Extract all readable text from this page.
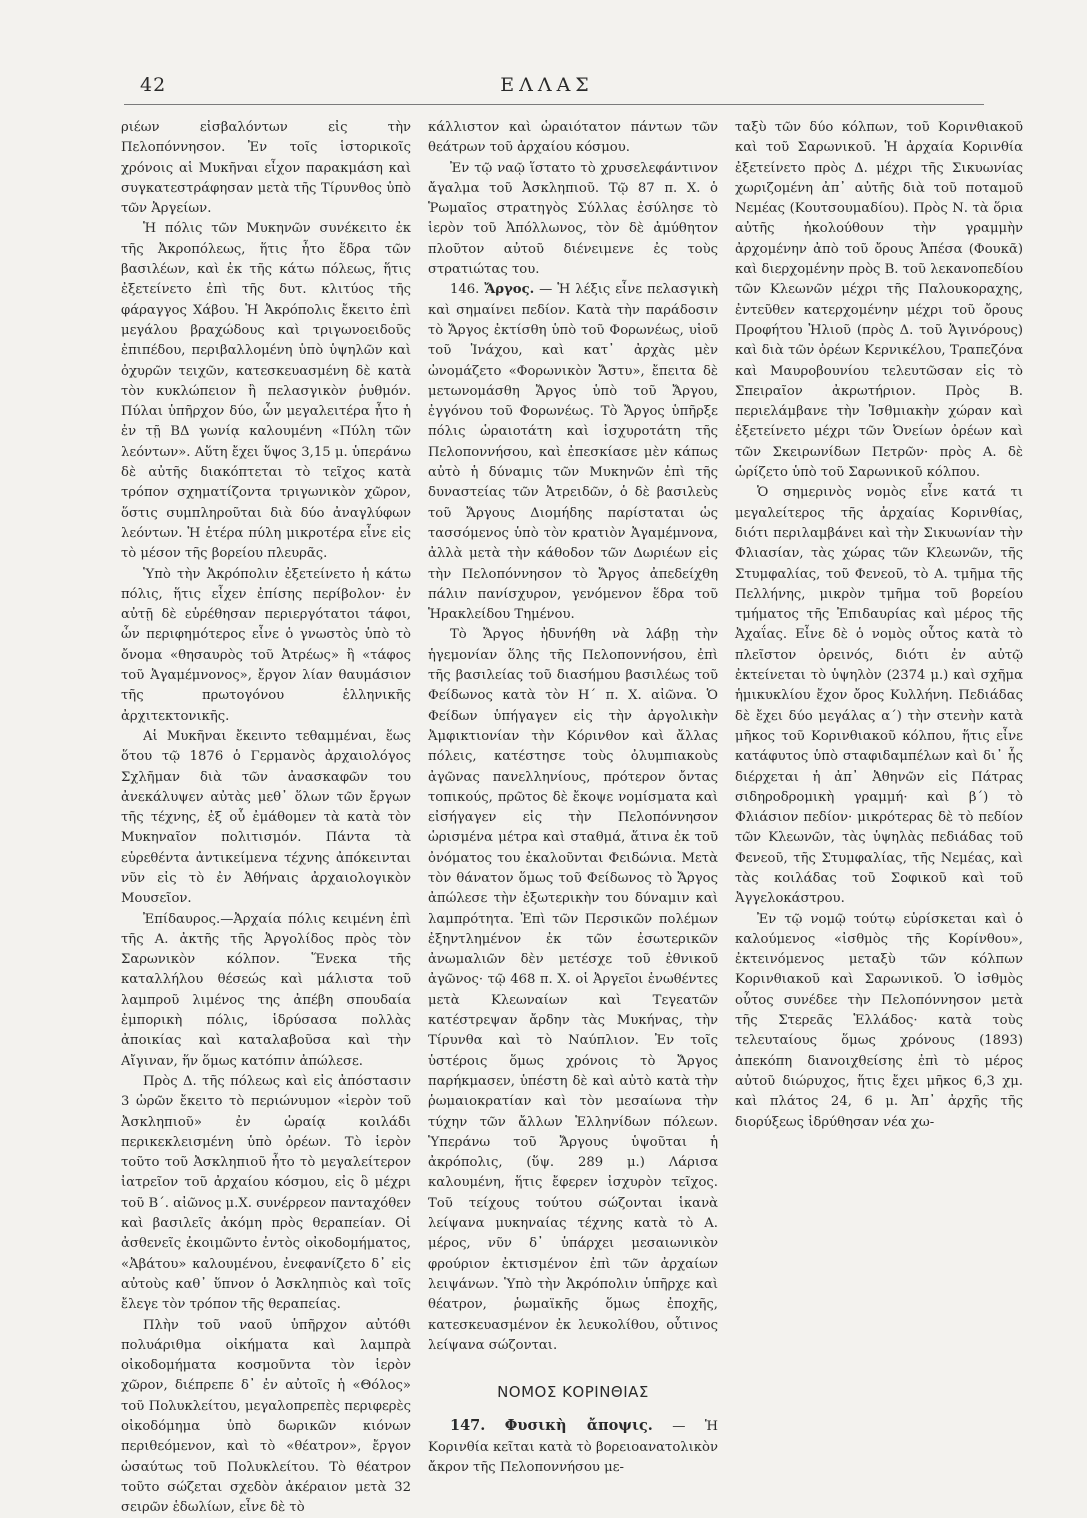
42	ΕΛΛΑΣ

ριέων εἰσβαλόντων εἰς τὴν Πελοπόννησον. Ἐν τοῖς ἱστορικοῖς χρόνοις αἱ Μυκῆναι εἶχον παρακμάση καὶ συγκατεστράφησαν μετὰ τῆς Τίρυνθος ὑπὸ τῶν Ἀργείων.

Ἡ πόλις τῶν Μυκηνῶν συνέκειτο ἐκ τῆς Ἀκροπόλεως, ἥτις ἦτο ἕδρα τῶν βασιλέων, καὶ ἐκ τῆς κάτω πόλεως, ἥτις ἐξετείνετο ἐπὶ τῆς δυτ. κλιτύος τῆς φάραγγος Χάβου. Ἡ Ἀκρόπολις ἔκειτο ἐπὶ μεγάλου βραχώδους καὶ τριγωνοειδοῦς ἐπιπέδου, περιβαλλομένη ὑπὸ ὑψηλῶν καὶ ὀχυρῶν τειχῶν, κατεσκευασμένη δὲ κατὰ τὸν κυκλώπειον ἢ πελασγικὸν ῥυθμόν. Πύλαι ὑπῆρχον δύο, ὧν μεγαλειτέρα ἦτο ἡ ἐν τῇ ΒΔ γωνίᾳ καλουμένη «Πύλη τῶν λεόντων». Αὕτη ἔχει ὕψος 3,15 μ. ὑπεράνω δὲ αὐτῆς διακόπτεται τὸ τεῖχος κατὰ τρόπον σχηματίζοντα τριγωνικὸν χῶρον, ὅστις συμπληροῦται διὰ δύο ἀναγλύφων λεόντων. Ἡ ἑτέρα πύλη μικροτέρα εἶνε εἰς τὸ μέσον τῆς βορείου πλευρᾶς.

Ὑπὸ τὴν Ἀκρόπολιν ἐξετείνετο ἡ κάτω πόλις, ἥτις εἶχεν ἐπίσης περίβολον· ἐν αὐτῇ δὲ εὑρέθησαν περιεργότατοι τάφοι, ὧν περιφημότερος εἶνε ὁ γνωστὸς ὑπὸ τὸ ὄνομα «θησαυρὸς τοῦ Ἀτρέως» ἢ «τάφος τοῦ Ἀγαμέμνονος», ἔργον λίαν θαυμάσιον τῆς πρωτογόνου ἑλληνικῆς ἀρχιτεκτονικῆς.

Αἱ Μυκῆναι ἔκειντο τεθαμμέναι, ἕως ὅτου τῷ 1876 ὁ Γερμανὸς ἀρχαιολόγος Σχλῆμαν διὰ τῶν ἀνασκαφῶν του ἀνεκάλυψεν αὐτὰς μεθ᾽ ὅλων τῶν ἔργων τῆς τέχνης, ἐξ οὗ ἐμάθομεν τὰ κατὰ τὸν Μυκηναῖον πολιτισμόν. Πάντα τὰ εὑρεθέντα ἀντικείμενα τέχνης ἀπόκεινται νῦν εἰς τὸ ἐν Ἀθήναις ἀρχαιολογικὸν Μουσεῖον.

Ἐπίδαυρος.—Ἀρχαία πόλις κειμένη ἐπὶ τῆς Α. ἀκτῆς τῆς Ἀργολίδος πρὸς τὸν Σαρωνικὸν κόλπον. Ἕνεκα τῆς καταλλήλου θέσεώς καὶ μάλιστα τοῦ λαμπροῦ λιμένος της ἀπέβη σπουδαία ἐμπορικὴ πόλις, ἱδρύσασα πολλὰς ἀποικίας καὶ καταλαβοῦσα καὶ τὴν Αἴγιναν, ἥν ὅμως κατόπιν ἀπώλεσε.

Πρὸς Δ. τῆς πόλεως καὶ εἰς ἀπόστασιν 3 ὡρῶν ἔκειτο τὸ περιώνυμον «ἱερὸν τοῦ Ἀσκληπιοῦ» ἐν ὡραίᾳ κοιλάδι περικεκλεισμένη ὑπὸ ὀρέων. Τὸ ἱερὸν τοῦτο τοῦ Ἀσκληπιοῦ ἦτο τὸ μεγαλείτερον ἰατρεῖον τοῦ ἀρχαίου κόσμου, εἰς ὃ μέχρι τοῦ Β΄. αἰῶνος μ.Χ. συνέρρεον πανταχόθεν καὶ βασιλεῖς ἀκόμη πρὸς θεραπείαν. Οἱ ἀσθενεῖς ἐκοιμῶντο ἐντὸς οἰκοδομήματος, «Ἀβάτου» καλουμένου, ἐνεφανίζετο δ᾽ εἰς αὐτοὺς καθ᾽ ὕπνον ὁ Ἀσκληπιὸς καὶ τοῖς ἔλεγε τὸν τρόπον τῆς θεραπείας.

Πλὴν τοῦ ναοῦ ὑπῆρχον αὐτόθι πολυάριθμα οἰκήματα καὶ λαμπρὰ οἰκοδομήματα κοσμοῦντα τὸν ἱερὸν χῶρον, διέπρεπε δ᾽ ἐν αὐτοῖς ἡ «Θόλος» τοῦ Πολυκλείτου, μεγαλοπρεπὲς περιφερὲς οἰκοδόμημα ὑπὸ δωρικῶν κιόνων περιθεόμενον, καὶ τὸ «θέατρον», ἔργον ὡσαύτως τοῦ Πολυκλείτου. Τὸ θέατρον τοῦτο σώζεται σχεδὸν ἀκέραιον μετὰ 32 σειρῶν ἑδωλίων, εἶνε δὲ τὸ

κάλλιστον καὶ ὡραιότατον πάντων τῶν θεάτρων τοῦ ἀρχαίου κόσμου.

Ἐν τῷ ναῷ ἵστατο τὸ χρυσελεφάντινον ἄγαλμα τοῦ Ἀσκληπιοῦ. Τῷ 87 π. Χ. ὁ Ῥωμαῖος στρατηγὸς Σύλλας ἐσύλησε τὸ ἱερὸν τοῦ Ἀπόλλωνος, τὸν δὲ ἀμύθητον πλοῦτον αὐτοῦ διένειμενε ἐς τοὺς στρατιώτας του.

146. Ἄργος. — Ἡ λέξις εἶνε πελασγικὴ καὶ σημαίνει πεδίον. Κατὰ τὴν παράδοσιν τὸ Ἄργος ἐκτίσθη ὑπὸ τοῦ Φορωνέως, υἱοῦ τοῦ Ἰνάχου, καὶ κατ᾽ ἀρχὰς μὲν ὠνομάζετο «Φορωνικὸν Ἄστυ», ἔπειτα δὲ μετωνομάσθη Ἄργος ὑπὸ τοῦ Ἄργου, ἐγγόνου τοῦ Φορωνέως. Τὸ Ἄργος ὑπῆρξε πόλις ὡραιοτάτη καὶ ἰσχυροτάτη τῆς Πελοποννήσου, καὶ ἐπεσκίασε μὲν κάπως αὐτὸ ἡ δύναμις τῶν Μυκηνῶν ἐπὶ τῆς δυναστείας τῶν Ἀτρειδῶν, ὁ δὲ βασιλεὺς τοῦ Ἄργους Διομήδης παρίσταται ὡς τασσόμενος ὑπὸ τὸν κρατιὸν Ἀγαμέμνονα, ἀλλὰ μετὰ τὴν κάθοδον τῶν Δωριέων εἰς τὴν Πελοπόννησον τὸ Ἄργος ἀπεδείχθη πάλιν πανίσχυρον, γενόμενον ἕδρα τοῦ Ἡρακλείδου Τημένου.

Τὸ Ἄργος ἠδυνήθη νὰ λάβῃ τὴν ἡγεμονίαν ὅλης τῆς Πελοποννήσου, ἐπὶ τῆς βασιλείας τοῦ διασήμου βασιλέως τοῦ Φείδωνος κατὰ τὸν Η΄ π. Χ. αἰῶνα. Ὁ Φείδων ὑπήγαγεν εἰς τὴν ἀργολικὴν Ἀμφικτιονίαν τὴν Κόρινθον καὶ ἄλλας πόλεις, κατέστησε τοὺς ὀλυμπιακοὺς ἀγῶνας πανελληνίους, πρότερον ὄντας τοπικούς, πρῶτος δὲ ἔκοψε νομίσματα καὶ εἰσήγαγεν εἰς τὴν Πελοπόννησον ὡρισμένα μέτρα καὶ σταθμά, ἅτινα ἐκ τοῦ ὀνόματος του ἐκαλοῦνται Φειδώνια. Μετὰ τὸν θάνατον ὅμως τοῦ Φείδωνος τὸ Ἄργος ἀπώλεσε τὴν ἐξωτερικὴν του δύναμιν καὶ λαμπρότητα. Ἐπὶ τῶν Περσικῶν πολέμων ἐξηντλημένον ἐκ τῶν ἐσωτερικῶν ἀνωμαλιῶν δὲν μετέσχε τοῦ ἐθνικοῦ ἀγῶνος· τῷ 468 π. Χ. οἱ Ἀργεῖοι ἑνωθέντες μετὰ Κλεωναίων καὶ Τεγεατῶν κατέστρεψαν ἄρδην τὰς Μυκήνας, τὴν Τίρυνθα καὶ τὸ Ναύπλιον. Ἐν τοῖς ὑστέροις ὅμως χρόνοις τὸ Ἄργος παρήκμασεν, ὑπέστη δὲ καὶ αὐτὸ κατὰ τὴν ῥωμαιοκρατίαν καὶ τὸν μεσαίωνα τὴν τύχην τῶν ἄλλων Ἑλληνίδων πόλεων. Ὑπεράνω τοῦ Ἄργους ὑψοῦται ἡ ἀκρόπολις, (ὕψ. 289 μ.) Λάρισα καλουμένη, ἥτις ἔφερεν ἰσχυρὸν τεῖχος. Τοῦ τείχους τούτου σώζονται ἱκανὰ λείψανα μυκηναίας τέχνης κατὰ τὸ Α. μέρος, νῦν δ᾽ ὑπάρχει μεσαιωνικὸν φρούριον ἐκτισμένον ἐπὶ τῶν ἀρχαίων λειψάνων. Ὑπὸ τὴν Ἀκρόπολιν ὑπῆρχε καὶ θέατρον, ῥωμαϊκῆς ὅμως ἐποχῆς, κατεσκευασμένον ἐκ λευκολίθου, οὗτινος λείψανα σώζονται.

ΝΟΜΟΣ ΚΟΡΙΝΘΙΑΣ

147. Φυσικὴ ἄποψις. — Ἡ Κορινθία κεῖται κατὰ τὸ βορειοανατολικὸν ἄκρον τῆς Πελοποννήσου με-

ταξὺ τῶν δύο κόλπων, τοῦ Κορινθιακοῦ καὶ τοῦ Σαρωνικοῦ. Ἡ ἀρχαία Κορινθία ἐξετείνετο πρὸς Δ. μέχρι τῆς Σικυωνίας χωριζομένη ἀπ᾽ αὐτῆς διὰ τοῦ ποταμοῦ Νεμέας (Κουτσουμαδίου). Πρὸς Ν. τὰ ὅρια αὐτῆς ἠκολούθουν τὴν γραμμὴν ἀρχομένην ἀπὸ τοῦ ὄρους Ἀπέσα (Φουκᾶ) καὶ διερχομένην πρὸς Β. τοῦ λεκανοπεδίου τῶν Κλεωνῶν μέχρι τῆς Παλουκοραχης, ἐντεῦθεν κατερχομένην μέχρι τοῦ ὄρους Προφήτου Ἠλιοῦ (πρὸς Δ. τοῦ Ἁγινόρους) καὶ διὰ τῶν ὀρέων Κερνικέλου, Τραπεζόνα καὶ Μαυροβουνίου τελευτῶσαν εἰς τὸ Σπειραῖον ἀκρωτήριον. Πρὸς Β. περιελάμβανε τὴν Ἰσθμιακὴν χώραν καὶ ἐξετείνετο μέχρι τῶν Ὀνείων ὀρέων καὶ τῶν Σκειρωνίδων Πετρῶν· πρὸς Α. δὲ ὡρίζετο ὑπὸ τοῦ Σαρωνικοῦ κόλπου.

Ὁ σημερινὸς νομὸς εἶνε κατά τι μεγαλείτερος τῆς ἀρχαίας Κορινθίας, διότι περιλαμβάνει καὶ τὴν Σικυωνίαν τὴν Φλιασίαν, τὰς χώρας τῶν Κλεωνῶν, τῆς Στυμφαλίας, τοῦ Φενεοῦ, τὸ Α. τμῆμα τῆς Πελλήνης, μικρὸν τμῆμα τοῦ βορείου τμήματος τῆς Ἐπιδαυρίας καὶ μέρος τῆς Ἀχαΐας. Εἶνε δὲ ὁ νομὸς οὗτος κατὰ τὸ πλεῖστον ὀρεινός, διότι ἐν αὐτῷ ἐκτείνεται τὸ ὑψηλὸν (2374 μ.) καὶ σχῆμα ἡμικυκλίου ἔχον ὄρος Κυλλήνη. Πεδιάδας δὲ ἔχει δύο μεγάλας α΄) τὴν στενὴν κατὰ μῆκος τοῦ Κορινθιακοῦ κόλπου, ἥτις εἶνε κατάφυτος ὑπὸ σταφιδαμπέλων καὶ δι᾽ ἧς διέρχεται ἡ ἀπ᾽ Ἀθηνῶν εἰς Πάτρας σιδηροδρομικὴ γραμμή· καὶ β΄) τὸ Φλιάσιον πεδίον· μικρότερας δὲ τὸ πεδίον τῶν Κλεωνῶν, τὰς ὑψηλὰς πεδιάδας τοῦ Φενεοῦ, τῆς Στυμφαλίας, τῆς Νεμέας, καὶ τὰς κοιλάδας τοῦ Σοφικοῦ καὶ τοῦ Ἀγγελοκάστρου.

Ἐν τῷ νομῷ τούτῳ εὑρίσκεται καὶ ὁ καλούμενος «ἰσθμὸς τῆς Κορίνθου», ἐκτεινόμενος μεταξὺ τῶν κόλπων Κορινθιακοῦ καὶ Σαρωνικοῦ. Ὁ ἰσθμὸς οὗτος συνέδεε τὴν Πελοπόννησον μετὰ τῆς Στερεᾶς Ἑλλάδος· κατὰ τοὺς τελευταίους ὅμως χρόνους (1893) ἀπεκόπη διανοιχθείσης ἐπὶ τὸ μέρος αὐτοῦ διώρυχος, ἥτις ἔχει μῆκος 6,3 χμ. καὶ πλάτος 24, 6 μ. Ἀπ᾽ ἀρχῆς τῆς διορύξεως ἱδρύθησαν νέα χω-
